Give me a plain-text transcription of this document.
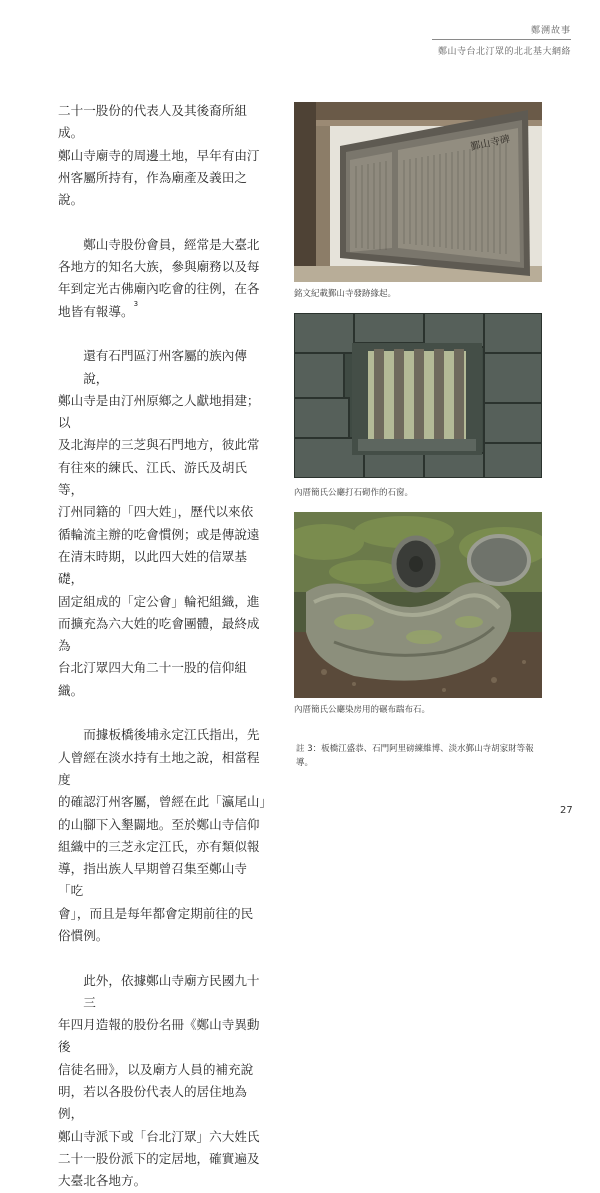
鄭溯故事
鄭山寺台北汀眾的北北基大網絡

二十一股份的代表人及其後裔所組成。

鄭山寺廟寺的周邊土地，早年有由汀

州客屬所持有，作為廟產及義田之說。

鄭山寺股份會員，經常是大臺北

各地方的知名大族，參與廟務以及每

年到定光古佛廟內吃會的往例，在各

地皆有報導。$^3$

還有石門區汀州客屬的族內傳說，

鄭山寺是由汀州原鄉之人獻地捐建；以

及北海岸的三芝與石門地方，彼此常

有往來的練氏、江氏、游氏及胡氏等，

汀州同籍的「四大姓」，歷代以來依

循輪流主辦的吃會慣例；或是傳說遠

在清末時期，以此四大姓的信眾基礎，

固定組成的「定公會」輪祀組織，進

而擴充為六大姓的吃會團體，最終成為

台北汀眾四大角二十一股的信仰組織。

而據板橋後埔永定江氏指出，先

人曾經在淡水持有土地之說，相當程度

的確認汀州客屬，曾經在此「瀛尾山」

的山腳下入墾闢地。至於鄭山寺信仰

組織中的三芝永定江氏，亦有類似報

導，指出族人早期曾召集至鄭山寺「吃

會」，而且是每年都會定期前往的民

俗慣例。

此外，依據鄭山寺廟方民國九十三

年四月造報的股份名冊《鄭山寺異動後

信徒名冊》，以及廟方人員的補充說

明，若以各股份代表人的居住地為例，

鄭山寺派下或「台北汀眾」六大姓氏

二十一股份派下的定居地，確實遍及

大臺北各地方。

鄞山寺碑
銘文紀載鄞山寺發跡緣起。
內厝簡氏公廳打石砌作的石窗。
內厝簡氏公廳染房用的碾布踹布石。
註 3：板橋江盛恭、石門阿里磅練維博、淡水鄞山寺胡家財等報導。
27
